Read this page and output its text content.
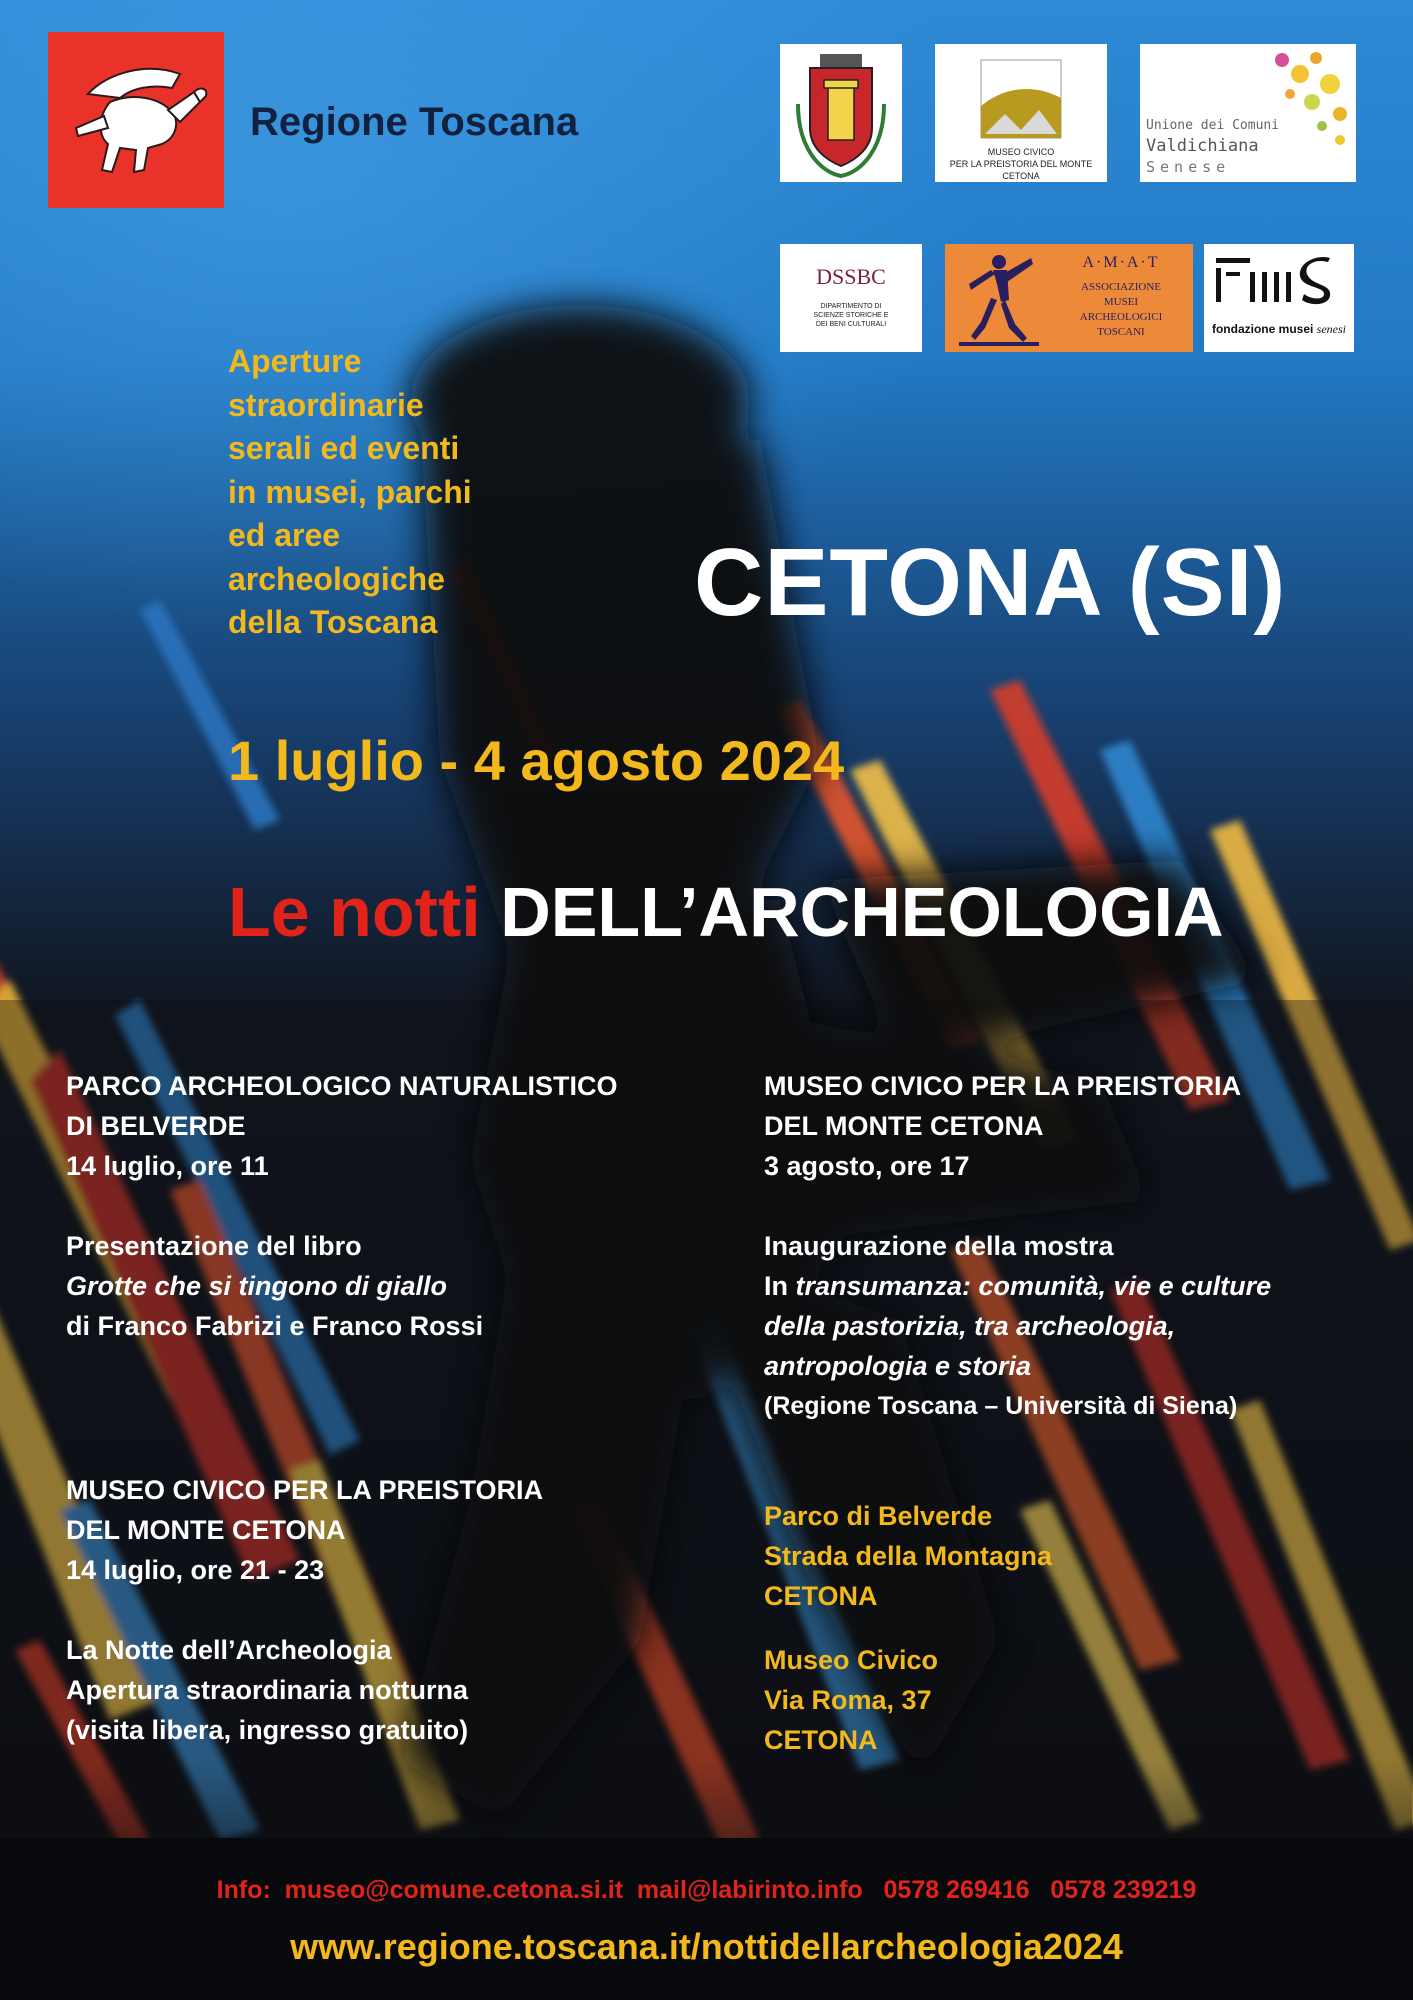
Regione Toscana
MUSEO CIVICO
PER LA PREISTORIA DEL MONTE CETONA
Unione dei Comuni
Valdichiana
Senese
DSSBC
DIPARTIMENTO DI
SCIENZE STORICHE E
DEI BENI CULTURALI
A·M·A·T
ASSOCIAZIONE
MUSEI
ARCHEOLOGICI
TOSCANI	fondazione musei senesi
Aperture
straordinarie
serali ed eventi
in musei, parchi
ed aree
archeologiche
della Toscana	CETONA (SI)
1 luglio - 4 agosto 2024
Le notti DELL’ARCHEOLOGIA
PARCO ARCHEOLOGICO NATURALISTICO
DI BELVERDE
14 luglio, ore 11
Presentazione del libro
Grotte che si tingono di giallo
di Franco Fabrizi e Franco Rossi
MUSEO CIVICO PER LA PREISTORIA
DEL MONTE CETONA
14 luglio, ore 21 - 23
La Notte dell’Archeologia
Apertura straordinaria notturna
(visita libera, ingresso gratuito)
MUSEO CIVICO PER LA PREISTORIA
DEL MONTE CETONA
3 agosto, ore 17
Inaugurazione della mostra
In transumanza: comunità, vie e culture
della pastorizia, tra archeologia,
antropologia e storia
(Regione Toscana – Università di Siena)
Parco di Belverde
Strada della Montagna
CETONA
Museo Civico
Via Roma, 37
CETONA
Info:  museo@comune.cetona.si.it  mail@labirinto.info   0578 269416   0578 239219
www.regione.toscana.it/nottidellarcheologia2024
